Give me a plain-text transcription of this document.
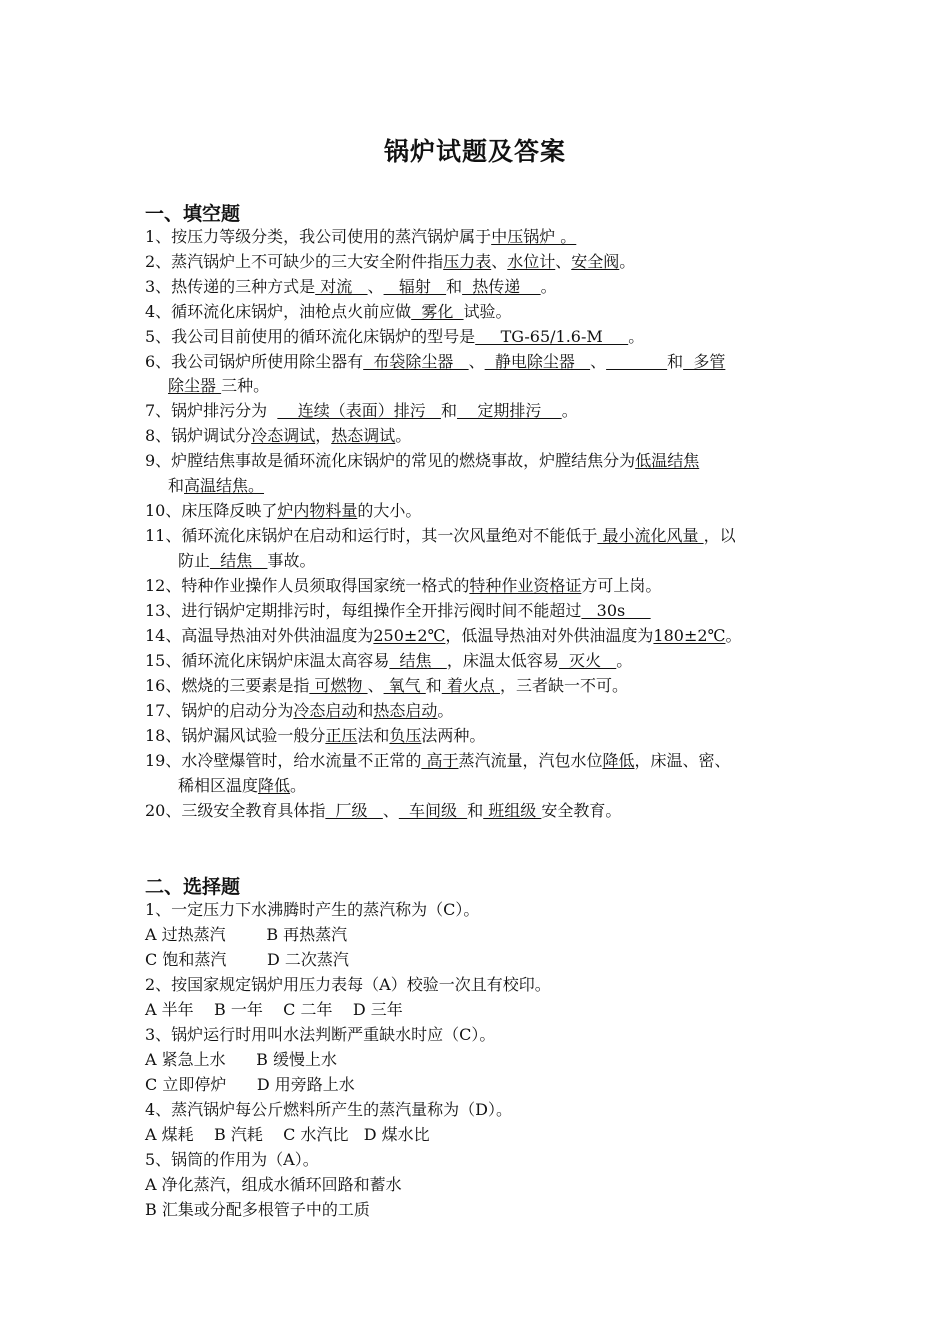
锅炉试题及答案
一、填空题
1、按压力等级分类，我公司使用的蒸汽锅炉属于中压锅炉 。
2、蒸汽锅炉上不可缺少的三大安全附件指压力表、水位计、安全阀。
3、热传递的三种方式是 对流   、   辐射   和  热传递    。
4、循环流化床锅炉，油枪点火前应做  雾化  试验。
5、我公司目前使用的循环流化床锅炉的型号是     TG-65/1.6-M     。
6、我公司锅炉所使用除尘器有  布袋除尘器   、  静电除尘器   、	和  多管
除尘器 三种。
7、锅炉排污分为      连续（表面）排污   和    定期排污    。
8、锅炉调试分冷态调试，热态调试。
9、炉膛结焦事故是循环流化床锅炉的常见的燃烧事故，炉膛结焦分为低温结焦
和高温结焦。
10、床压降反映了炉内物料量的大小。
11、循环流化床锅炉在启动和运行时，其一次风量绝对不能低于 最小流化风量 ，以
防止  结焦   事故。
12、特种作业操作人员须取得国家统一格式的特种作业资格证方可上岗。
13、进行锅炉定期排污时，每组操作全开排污阀时间不能超过   30s
14、高温导热油对外供油温度为250±2℃，低温导热油对外供油温度为180±2℃。
15、循环流化床锅炉床温太高容易  结焦   ，床温太低容易  灭火   。
16、燃烧的三要素是指 可燃物 、 氧气 和 着火点 ，三者缺一不可。
17、锅炉的启动分为冷态启动和热态启动。
18、锅炉漏风试验一般分正压法和负压法两种。
19、水冷壁爆管时，给水流量不正常的 高于蒸汽流量，汽包水位降低，床温、密、
稀相区温度降低。
20、三级安全教育具体指  厂级   、  车间级  和 班组级 安全教育。
二、选择题
1、一定压力下水沸腾时产生的蒸汽称为（C）。
A 过热蒸汽        B 再热蒸汽
C 饱和蒸汽        D 二次蒸汽
2、按国家规定锅炉用压力表每（A）校验一次且有校印。
A 半年    B 一年    C 二年    D 三年
3、锅炉运行时用叫水法判断严重缺水时应（C）。
A 紧急上水      B 缓慢上水
C 立即停炉      D 用旁路上水
4、蒸汽锅炉每公斤燃料所产生的蒸汽量称为（D）。
A 煤耗    B 汽耗    C 水汽比   D 煤水比
5、锅筒的作用为（A）。
A 净化蒸汽，组成水循环回路和蓄水
B 汇集或分配多根管子中的工质
